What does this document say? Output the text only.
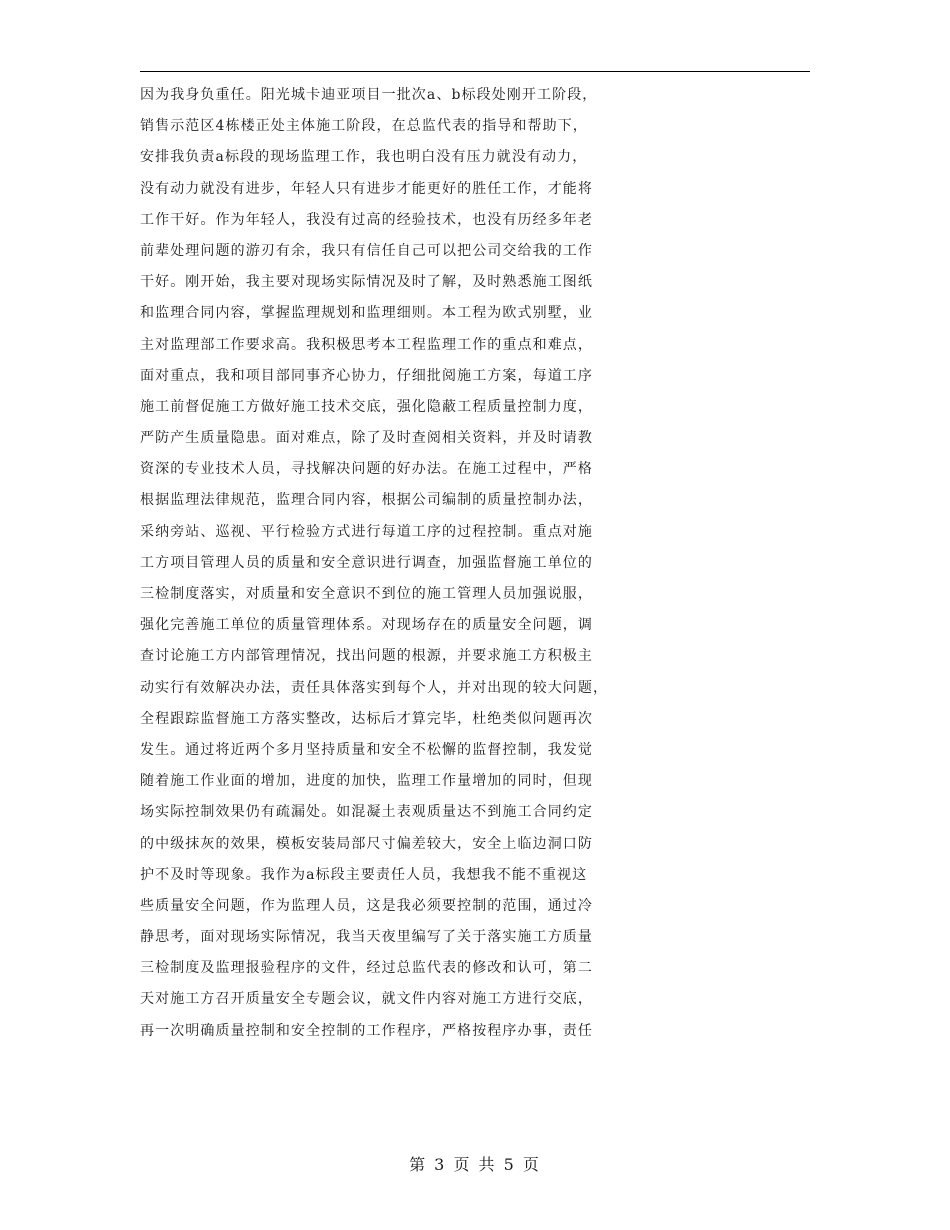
因为我身负重任。阳光城卡迪亚项目一批次a、b标段处刚开工阶段，
销售示范区4栋楼正处主体施工阶段，在总监代表的指导和帮助下，
安排我负责a标段的现场监理工作，我也明白没有压力就没有动力，
没有动力就没有进步，年轻人只有进步才能更好的胜任工作，才能将
工作干好。作为年轻人，我没有过高的经验技术，也没有历经多年老
前辈处理问题的游刃有余，我只有信任自己可以把公司交给我的工作
干好。刚开始，我主要对现场实际情况及时了解，及时熟悉施工图纸
和监理合同内容，掌握监理规划和监理细则。本工程为欧式别墅，业
主对监理部工作要求高。我积极思考本工程监理工作的重点和难点，
面对重点，我和项目部同事齐心协力，仔细批阅施工方案，每道工序
施工前督促施工方做好施工技术交底，强化隐蔽工程质量控制力度，
严防产生质量隐患。面对难点，除了及时查阅相关资料，并及时请教
资深的专业技术人员，寻找解决问题的好办法。在施工过程中，严格
根据监理法律规范，监理合同内容，根据公司编制的质量控制办法，
采纳旁站、巡视、平行检验方式进行每道工序的过程控制。重点对施
工方项目管理人员的质量和安全意识进行调查，加强监督施工单位的
三检制度落实，对质量和安全意识不到位的施工管理人员加强说服，
强化完善施工单位的质量管理体系。对现场存在的质量安全问题，调
查讨论施工方内部管理情况，找出问题的根源，并要求施工方积极主
动实行有效解决办法，责任具体落实到每个人，并对出现的较大问题，
全程跟踪监督施工方落实整改，达标后才算完毕，杜绝类似问题再次
发生。通过将近两个多月坚持质量和安全不松懈的监督控制，我发觉
随着施工作业面的增加，进度的加快，监理工作量增加的同时，但现
场实际控制效果仍有疏漏处。如混凝土表观质量达不到施工合同约定
的中级抹灰的效果，模板安装局部尺寸偏差较大，安全上临边洞口防
护不及时等现象。我作为a标段主要责任人员，我想我不能不重视这
些质量安全问题，作为监理人员，这是我必须要控制的范围，通过冷
静思考，面对现场实际情况，我当天夜里编写了关于落实施工方质量
三检制度及监理报验程序的文件，经过总监代表的修改和认可，第二
天对施工方召开质量安全专题会议，就文件内容对施工方进行交底，
再一次明确质量控制和安全控制的工作程序，严格按程序办事，责任
第 3 页 共 5 页
